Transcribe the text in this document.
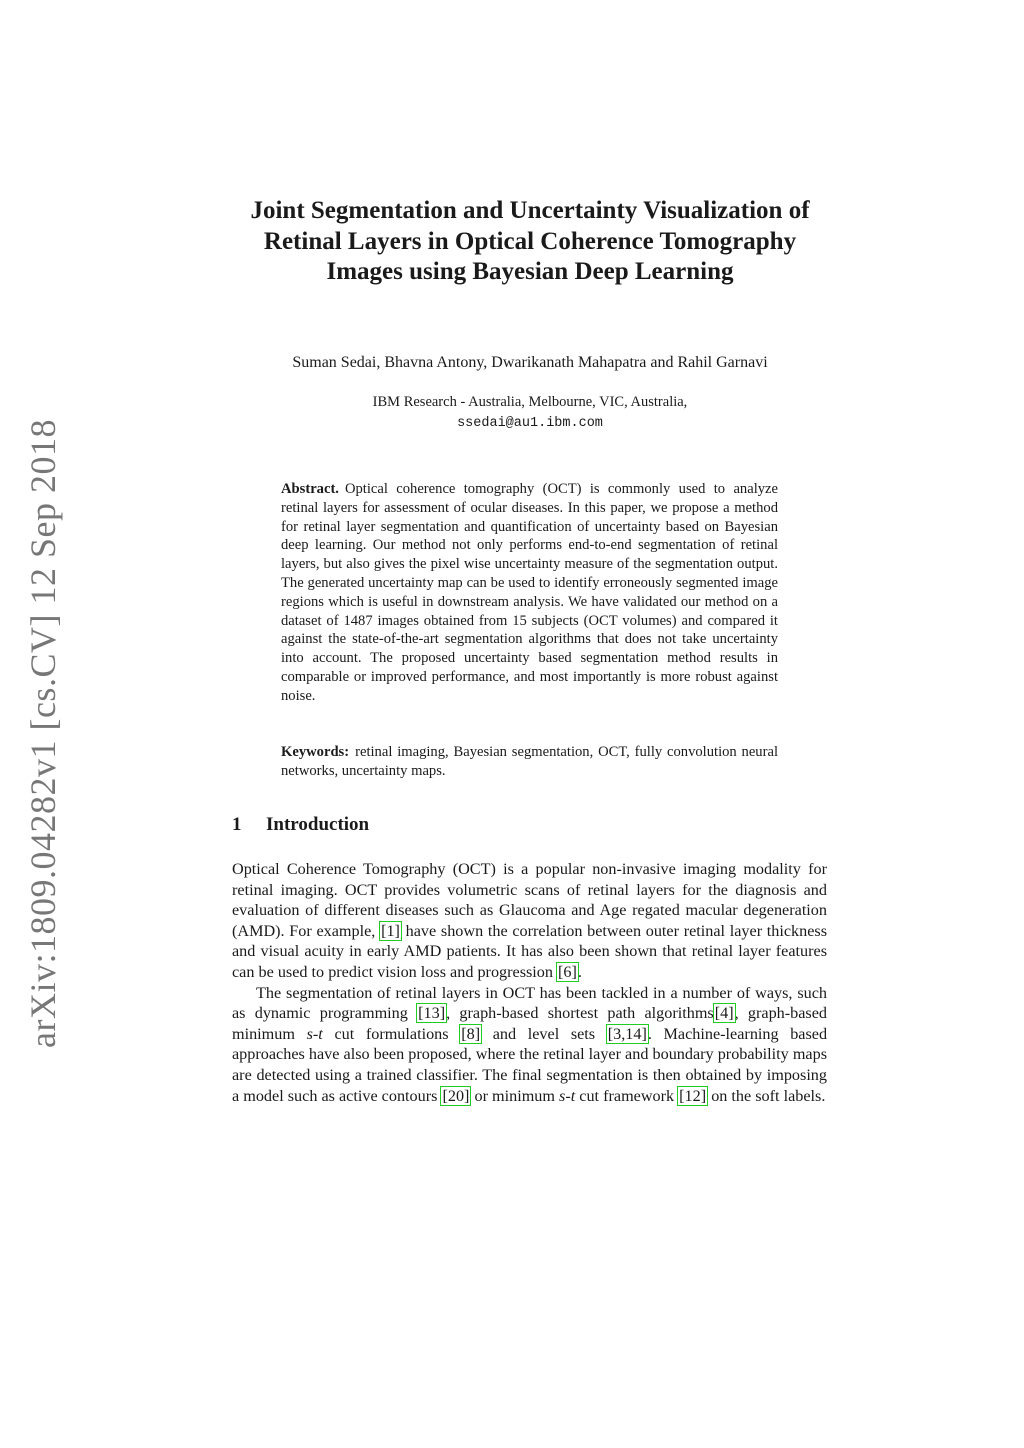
arXiv:1809.04282v1 [cs.CV] 12 Sep 2018
Joint Segmentation and Uncertainty Visualization of Retinal Layers in Optical Coherence Tomography Images using Bayesian Deep Learning

Suman Sedai, Bhavna Antony, Dwarikanath Mahapatra and Rahil Garnavi

IBM Research - Australia, Melbourne, VIC, Australia,
ssedai@au1.ibm.com

Abstract. Optical coherence tomography (OCT) is commonly used to analyze retinal layers for assessment of ocular diseases. In this paper, we propose a method for retinal layer segmentation and quantification of uncertainty based on Bayesian deep learning. Our method not only performs end-to-end segmentation of retinal layers, but also gives the pixel wise uncertainty measure of the segmentation output. The generated uncertainty map can be used to identify erroneously segmented image regions which is useful in downstream analysis. We have validated our method on a dataset of 1487 images obtained from 15 subjects (OCT volumes) and compared it against the state-of-the-art segmentation algorithms that does not take uncertainty into account. The proposed uncertainty based segmentation method results in comparable or improved performance, and most importantly is more robust against noise.

Keywords: retinal imaging, Bayesian segmentation, OCT, fully convolution neural networks, uncertainty maps.

1 Introduction

Optical Coherence Tomography (OCT) is a popular non-invasive imaging modality for retinal imaging. OCT provides volumetric scans of retinal layers for the diagnosis and evaluation of different diseases such as Glaucoma and Age regated macular degeneration (AMD). For example, [1] have shown the correlation between outer retinal layer thickness and visual acuity in early AMD patients. It has also been shown that retinal layer features can be used to predict vision loss and progression [6].

The segmentation of retinal layers in OCT has been tackled in a number of ways, such as dynamic programming [13], graph-based shortest path algorithms[4], graph-based minimum s-t cut formulations [8] and level sets [3,14]. Machine-learning based approaches have also been proposed, where the retinal layer and boundary probability maps are detected using a trained classifier. The final segmentation is then obtained by imposing a model such as active contours [20] or minimum s-t cut framework [12] on the soft labels.
